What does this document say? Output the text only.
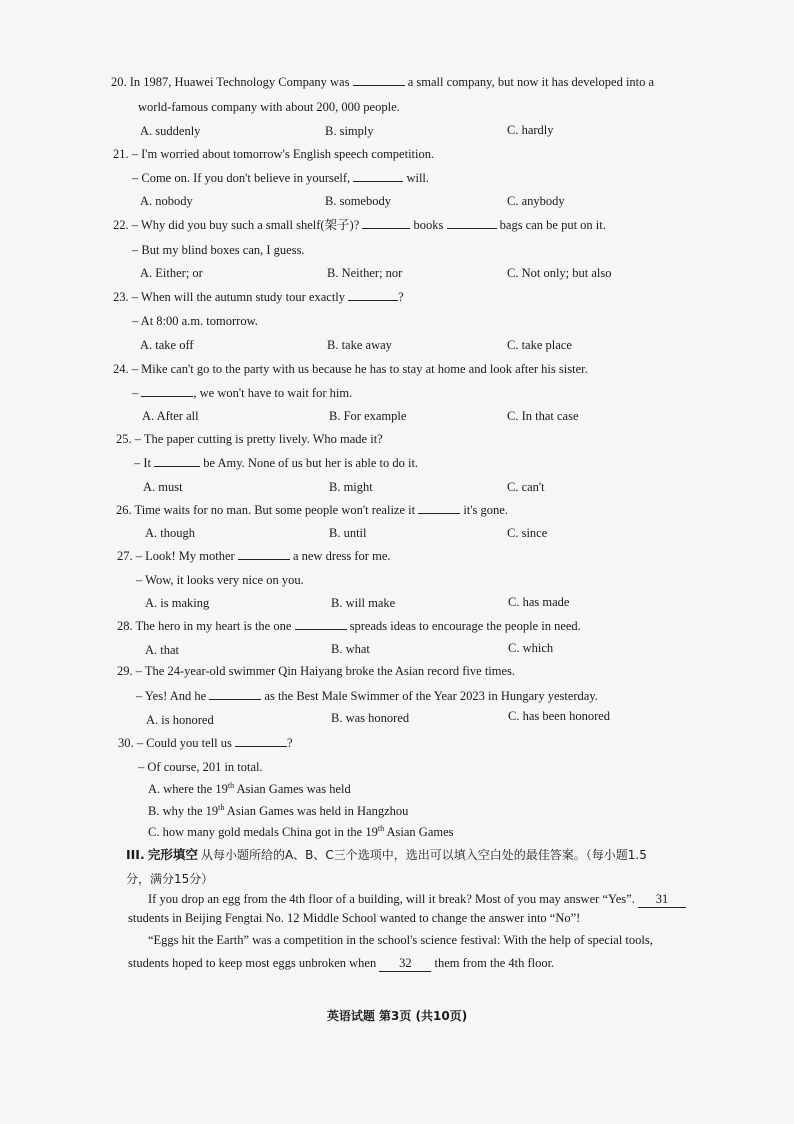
20. In 1987, Huawei Technology Company was	a small company, but now it has developed into a
world-famous company with about 200, 000 people.
A. suddenly	B. simply	C. hardly
21. – I'm worried about tomorrow's English speech competition.
– Come on. If you don't believe in yourself,	will.
A. nobody	B. somebody	C. anybody
22. – Why did you buy such a small shelf(架子)?	books	bags can be put on it.
– But my blind boxes can, I guess.
A. Either; or	B. Neither; nor	C. Not only; but also
23. – When will the autumn study tour exactly	?
– At 8:00 a.m. tomorrow.
A. take off	B. take away	C. take place
24. – Mike can't go to the party with us because he has to stay at home and look after his sister.
–	, we won't have to wait for him.
A. After all	B. For example	C. In that case
25. – The paper cutting is pretty lively. Who made it?
– It	be Amy. None of us but her is able to do it.
A. must	B. might	C. can't
26. Time waits for no man. But some people won't realize it	it's gone.
A. though	B. until	C. since
27. – Look! My mother	a new dress for me.
– Wow, it looks very nice on you.
A. is making	B. will make	C. has made
28. The hero in my heart is the one	spreads ideas to encourage the people in need.
A. that	B. what	C. which
29. – The 24-year-old swimmer Qin Haiyang broke the Asian record five times.
– Yes! And he	as the Best Male Swimmer of the Year 2023 in Hungary yesterday.
A. is honored	B. was honored	C. has been honored
30. – Could you tell us	?
– Of course, 201 in total.
A. where the 19th Asian Games was held
B. why the 19th Asian Games was held in Hangzhou
C. how many gold medals China got in the 19th Asian Games
III. 完形填空 从每小题所给的A、B、C三个选项中，选出可以填入空白处的最佳答案。（每小题1.5
分，满分15分）
If you drop an egg from the 4th floor of a building, will it break? Most of you may answer “Yes”. 31
students in Beijing Fengtai No. 12 Middle School wanted to change the answer into “No”!
“Eggs hit the Earth” was a competition in the school's science festival: With the help of special tools,
students hoped to keep most eggs unbroken when 32 them from the 4th floor.
英语试题 第3页 (共10页)
